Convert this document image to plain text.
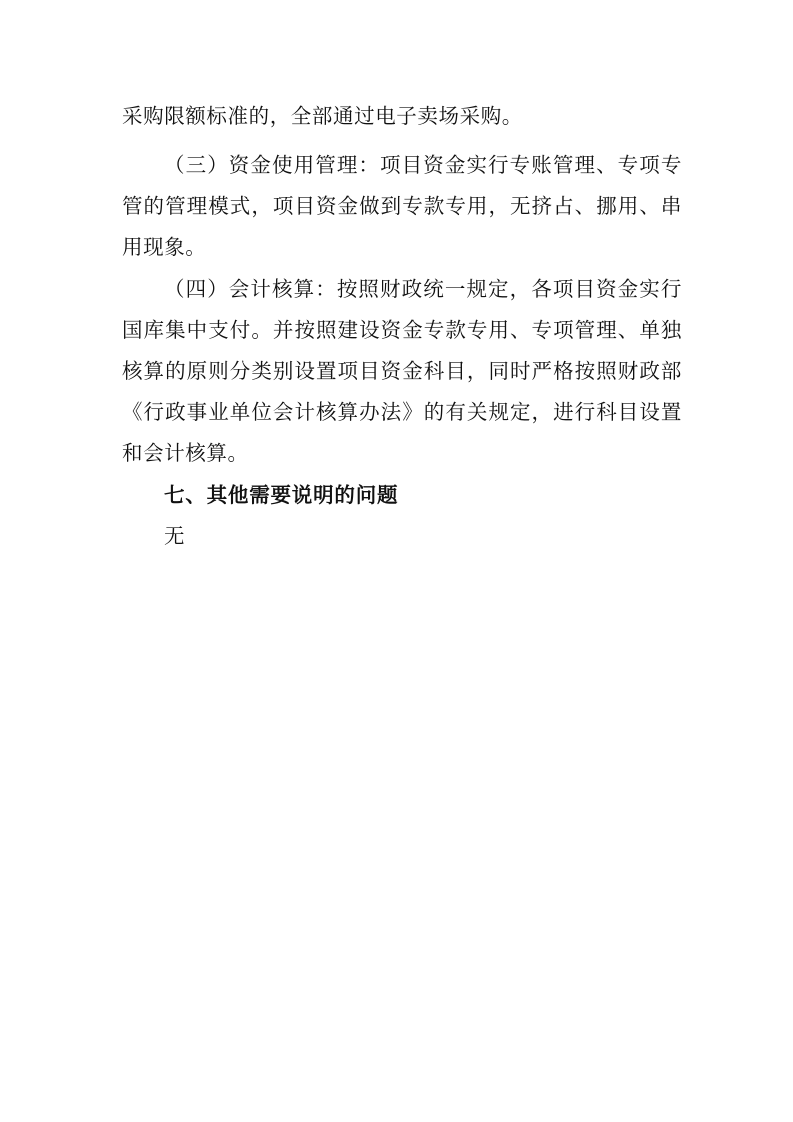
采购限额标准的，全部通过电子卖场采购。
（三）资金使用管理：项目资金实行专账管理、专项专
管的管理模式，项目资金做到专款专用，无挤占、挪用、串
用现象。
（四）会计核算：按照财政统一规定，各项目资金实行
国库集中支付。并按照建设资金专款专用、专项管理、单独
核算的原则分类别设置项目资金科目，同时严格按照财政部
《行政事业单位会计核算办法》的有关规定，进行科目设置
和会计核算。
七、其他需要说明的问题
无
